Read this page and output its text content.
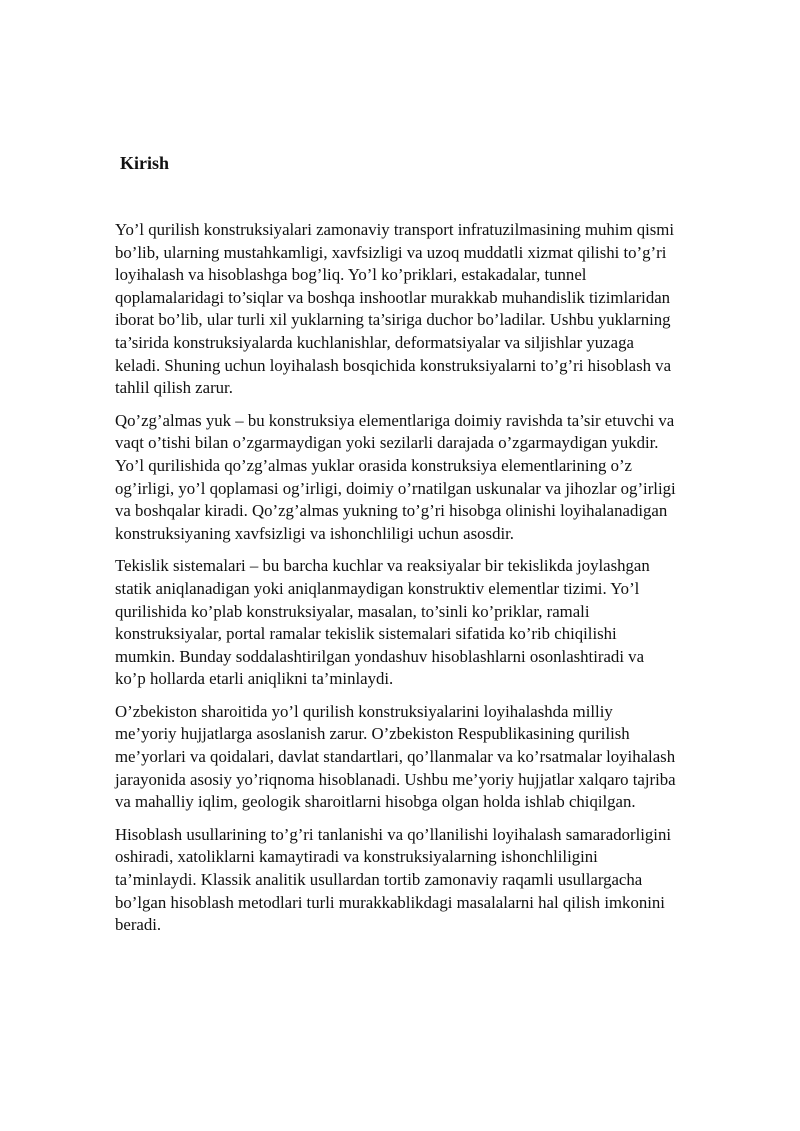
Kirish

Yo’l qurilish konstruksiyalari zamonaviy transport infratuzilmasining muhim qismi
bo’lib, ularning mustahkamligi, xavfsizligi va uzoq muddatli xizmat qilishi to’g’ri
loyihalash va hisoblashga bog’liq. Yo’l ko’priklari, estakadalar, tunnel
qoplamalaridagi to’siqlar va boshqa inshootlar murakkab muhandislik tizimlaridan
iborat bo’lib, ular turli xil yuklarning ta’siriga duchor bo’ladilar. Ushbu yuklarning
ta’sirida konstruksiyalarda kuchlanishlar, deformatsiyalar va siljishlar yuzaga
keladi. Shuning uchun loyihalash bosqichida konstruksiyalarni to’g’ri hisoblash va
tahlil qilish zarur.

Qo’zg’almas yuk – bu konstruksiya elementlariga doimiy ravishda ta’sir etuvchi va
vaqt o’tishi bilan o’zgarmaydigan yoki sezilarli darajada o’zgarmaydigan yukdir.
Yo’l qurilishida qo’zg’almas yuklar orasida konstruksiya elementlarining o’z
og’irligi, yo’l qoplamasi og’irligi, doimiy o’rnatilgan uskunalar va jihozlar og’irligi
va boshqalar kiradi. Qo’zg’almas yukning to’g’ri hisobga olinishi loyihalanadigan
konstruksiyaning xavfsizligi va ishonchliligi uchun asosdir.

Tekislik sistemalari – bu barcha kuchlar va reaksiyalar bir tekislikda joylashgan
statik aniqlanadigan yoki aniqlanmaydigan konstruktiv elementlar tizimi. Yo’l
qurilishida ko’plab konstruksiyalar, masalan, to’sinli ko’priklar, ramali
konstruksiyalar, portal ramalar tekislik sistemalari sifatida ko’rib chiqilishi
mumkin. Bunday soddalashtirilgan yondashuv hisoblashlarni osonlashtiradi va
ko’p hollarda etarli aniqlikni ta’minlaydi.

O’zbekiston sharoitida yo’l qurilish konstruksiyalarini loyihalashda milliy
me’yoriy hujjatlarga asoslanish zarur. O’zbekiston Respublikasining qurilish
me’yorlari va qoidalari, davlat standartlari, qo’llanmalar va ko’rsatmalar loyihalash
jarayonida asosiy yo’riqnoma hisoblanadi. Ushbu me’yoriy hujjatlar xalqaro tajriba
va mahalliy iqlim, geologik sharoitlarni hisobga olgan holda ishlab chiqilgan.

Hisoblash usullarining to’g’ri tanlanishi va qo’llanilishi loyihalash samaradorligini
oshiradi, xatoliklarni kamaytiradi va konstruksiyalarning ishonchliligini
ta’minlaydi. Klassik analitik usullardan tortib zamonaviy raqamli usullargacha
bo’lgan hisoblash metodlari turli murakkablikdagi masalalarni hal qilish imkonini
beradi.
